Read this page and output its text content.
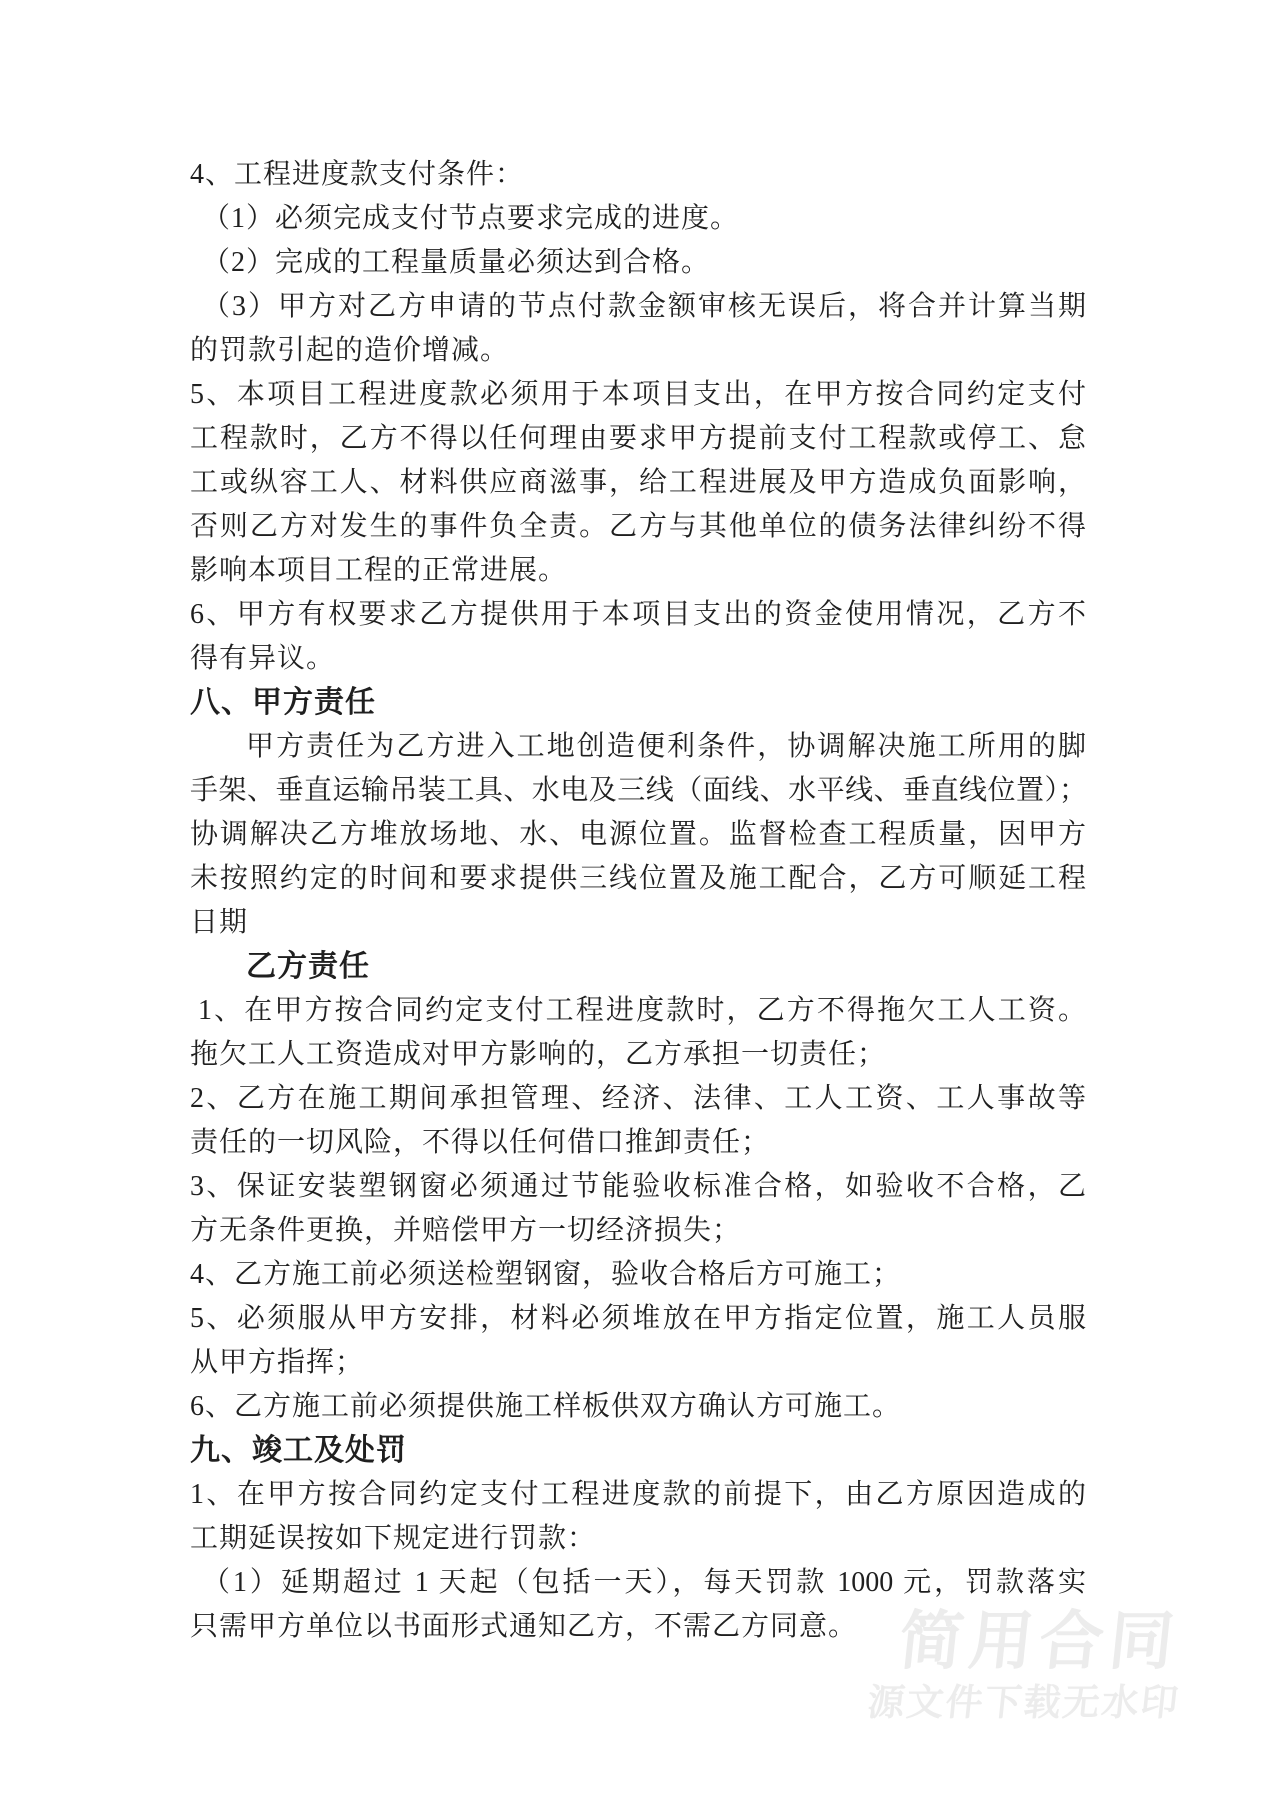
4、工程进度款支付条件：
（1）必须完成支付节点要求完成的进度。
（2）完成的工程量质量必须达到合格。
（3）甲方对乙方申请的节点付款金额审核无误后，将合并计算当期
的罚款引起的造价增减。
5、本项目工程进度款必须用于本项目支出，在甲方按合同约定支付
工程款时，乙方不得以任何理由要求甲方提前支付工程款或停工、怠
工或纵容工人、材料供应商滋事，给工程进展及甲方造成负面影响，
否则乙方对发生的事件负全责。乙方与其他单位的债务法律纠纷不得
影响本项目工程的正常进展。
6、甲方有权要求乙方提供用于本项目支出的资金使用情况，乙方不
得有异议。
八、甲方责任
甲方责任为乙方进入工地创造便利条件，协调解决施工所用的脚
手架、垂直运输吊装工具、水电及三线（面线、水平线、垂直线位置）；
协调解决乙方堆放场地、水、电源位置。监督检查工程质量，因甲方
未按照约定的时间和要求提供三线位置及施工配合，乙方可顺延工程
日期
乙方责任
1、在甲方按合同约定支付工程进度款时，乙方不得拖欠工人工资。
拖欠工人工资造成对甲方影响的，乙方承担一切责任；
2、乙方在施工期间承担管理、经济、法律、工人工资、工人事故等
责任的一切风险，不得以任何借口推卸责任；
3、保证安装塑钢窗必须通过节能验收标准合格，如验收不合格，乙
方无条件更换，并赔偿甲方一切经济损失；
4、乙方施工前必须送检塑钢窗，验收合格后方可施工；
5、必须服从甲方安排，材料必须堆放在甲方指定位置，施工人员服
从甲方指挥；
6、乙方施工前必须提供施工样板供双方确认方可施工。
九、竣工及处罚
1、在甲方按合同约定支付工程进度款的前提下，由乙方原因造成的
工期延误按如下规定进行罚款：
（1）延期超过 1 天起（包括一天），每天罚款 1000 元，罚款落实
只需甲方单位以书面形式通知乙方，不需乙方同意。 简用合同
源文件下载无水印
